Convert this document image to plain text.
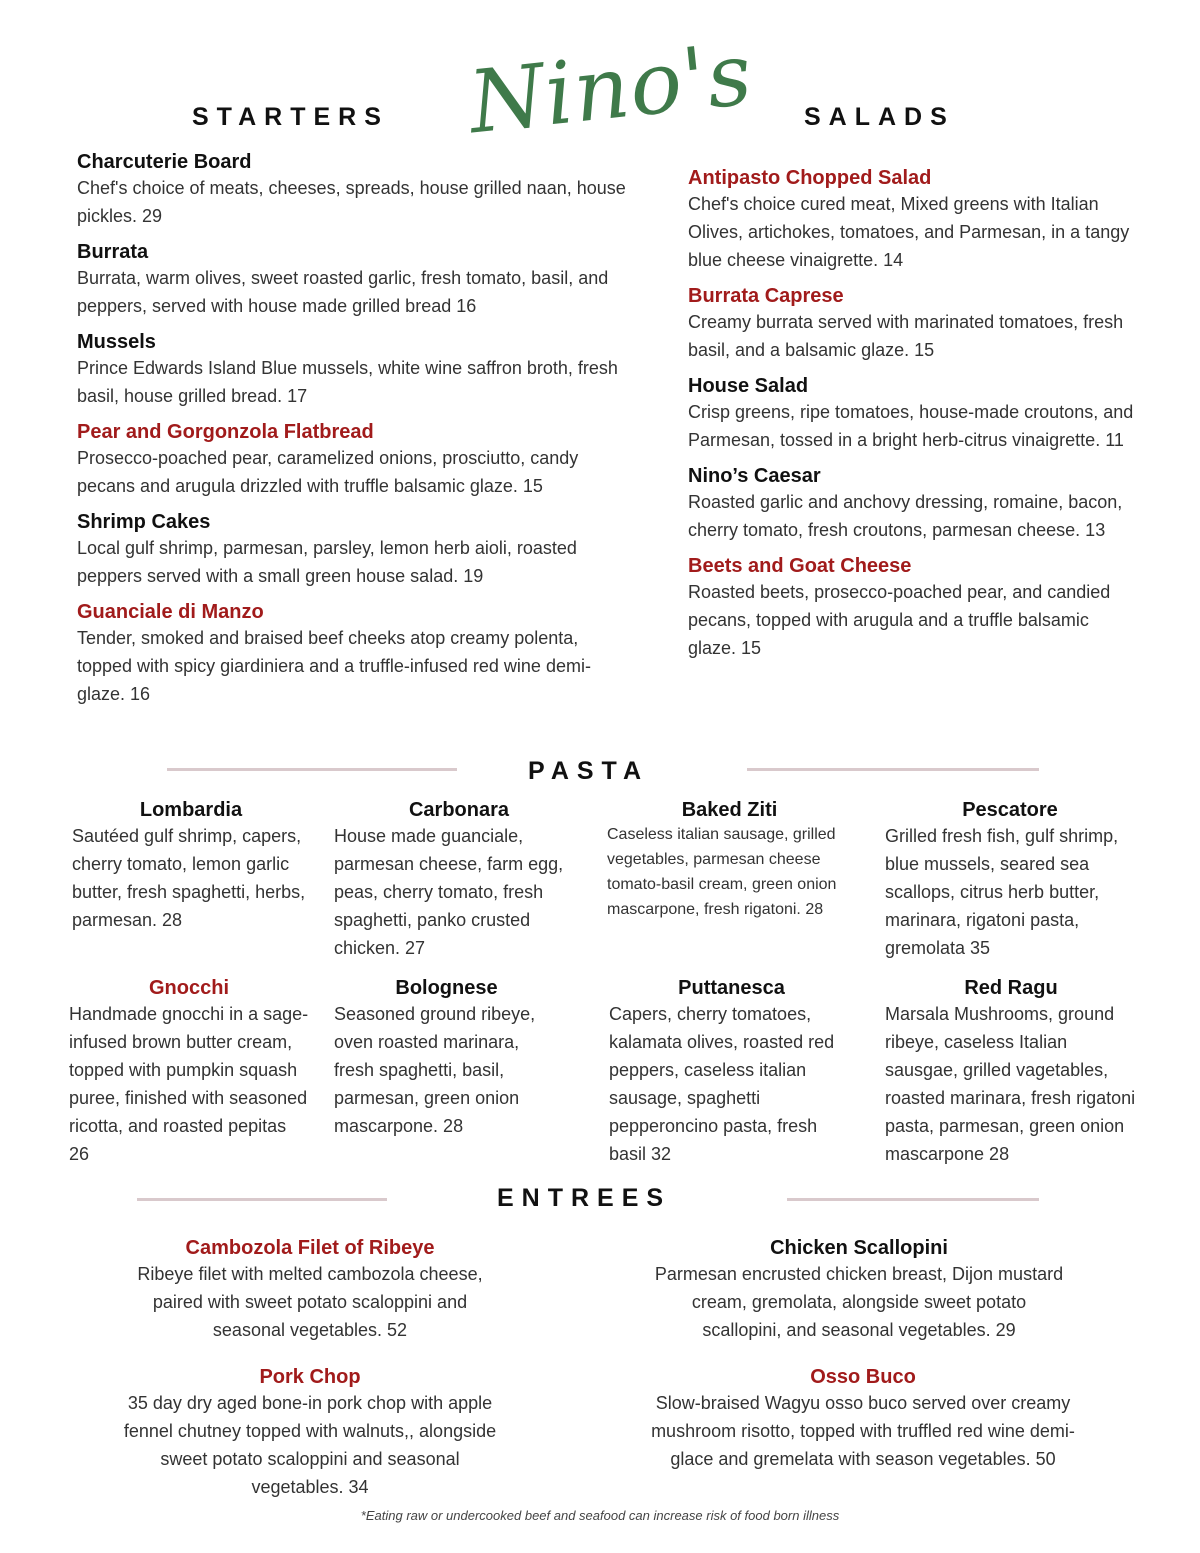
Nino's
STARTERS	SALADS
Charcuterie Board

Chef's choice of meats, cheeses, spreads, house grilled naan, house pickles. 29

Burrata

Burrata, warm olives, sweet roasted garlic, fresh tomato, basil, and peppers, served with house made grilled bread 16

Mussels

Prince Edwards Island Blue mussels, white wine saffron broth, fresh basil, house grilled bread. 17

Pear and Gorgonzola Flatbread

Prosecco-poached pear, caramelized onions, prosciutto, candy pecans and arugula drizzled with truffle balsamic glaze. 15

Shrimp Cakes

Local gulf shrimp, parmesan, parsley, lemon herb aioli, roasted peppers served with a small green house salad. 19

Guanciale di Manzo

Tender, smoked and braised beef cheeks atop creamy polenta, topped with spicy giardiniera and a truffle-infused red wine demi-glaze. 16

Antipasto Chopped Salad

Chef's choice cured meat, Mixed greens with Italian Olives, artichokes, tomatoes, and Parmesan, in a tangy blue cheese vinaigrette. 14

Burrata Caprese

Creamy burrata served with marinated tomatoes, fresh basil, and a balsamic glaze. 15

House Salad

Crisp greens, ripe tomatoes, house-made croutons, and Parmesan, tossed in a bright herb-citrus vinaigrette. 11

Nino’s Caesar

Roasted garlic and anchovy dressing, romaine, bacon, cherry tomato, fresh croutons, parmesan cheese. 13

Beets and Goat Cheese

Roasted beets, prosecco-poached pear, and candied pecans, topped with arugula and a truffle balsamic glaze. 15

PASTA
Lombardia

Sautéed gulf shrimp, capers, cherry tomato, lemon garlic butter, fresh spaghetti, herbs, parmesan. 28

Carbonara

House made guanciale, parmesan cheese, farm egg, peas, cherry tomato, fresh spaghetti, panko crusted chicken. 27

Baked Ziti

Caseless italian sausage, grilled vegetables, parmesan cheese tomato-basil cream, green onion mascarpone, fresh rigatoni. 28

Pescatore

Grilled fresh fish, gulf shrimp, blue mussels, seared sea scallops, citrus herb butter, marinara, rigatoni pasta, gremolata 35

Gnocchi

Handmade gnocchi in a sage-infused brown butter cream, topped with pumpkin squash puree, finished with seasoned ricotta, and roasted pepitas 26

Bolognese

Seasoned ground ribeye, oven roasted marinara, fresh spaghetti, basil, parmesan, green onion mascarpone. 28

Puttanesca

Capers, cherry tomatoes, kalamata olives, roasted red peppers, caseless italian sausage, spaghetti pepperoncino pasta, fresh basil 32

Red Ragu

Marsala Mushrooms, ground ribeye, caseless Italian sausgae, grilled vagetables, roasted marinara, fresh rigatoni pasta, parmesan, green onion mascarpone 28

ENTREES
Cambozola Filet of Ribeye

Ribeye filet with melted cambozola cheese, paired with sweet potato scaloppini and seasonal vegetables. 52

Chicken Scallopini

Parmesan encrusted chicken breast, Dijon mustard cream, gremolata, alongside sweet potato scallopini, and seasonal vegetables. 29

Pork Chop

35 day dry aged bone-in pork chop with apple fennel chutney topped with walnuts,, alongside sweet potato scaloppini and seasonal vegetables. 34

Osso Buco

Slow-braised Wagyu osso buco served over creamy mushroom risotto, topped with truffled red wine demi-glace and gremelata with season vegetables. 50

*Eating raw or undercooked beef and seafood can increase risk of food born illness
